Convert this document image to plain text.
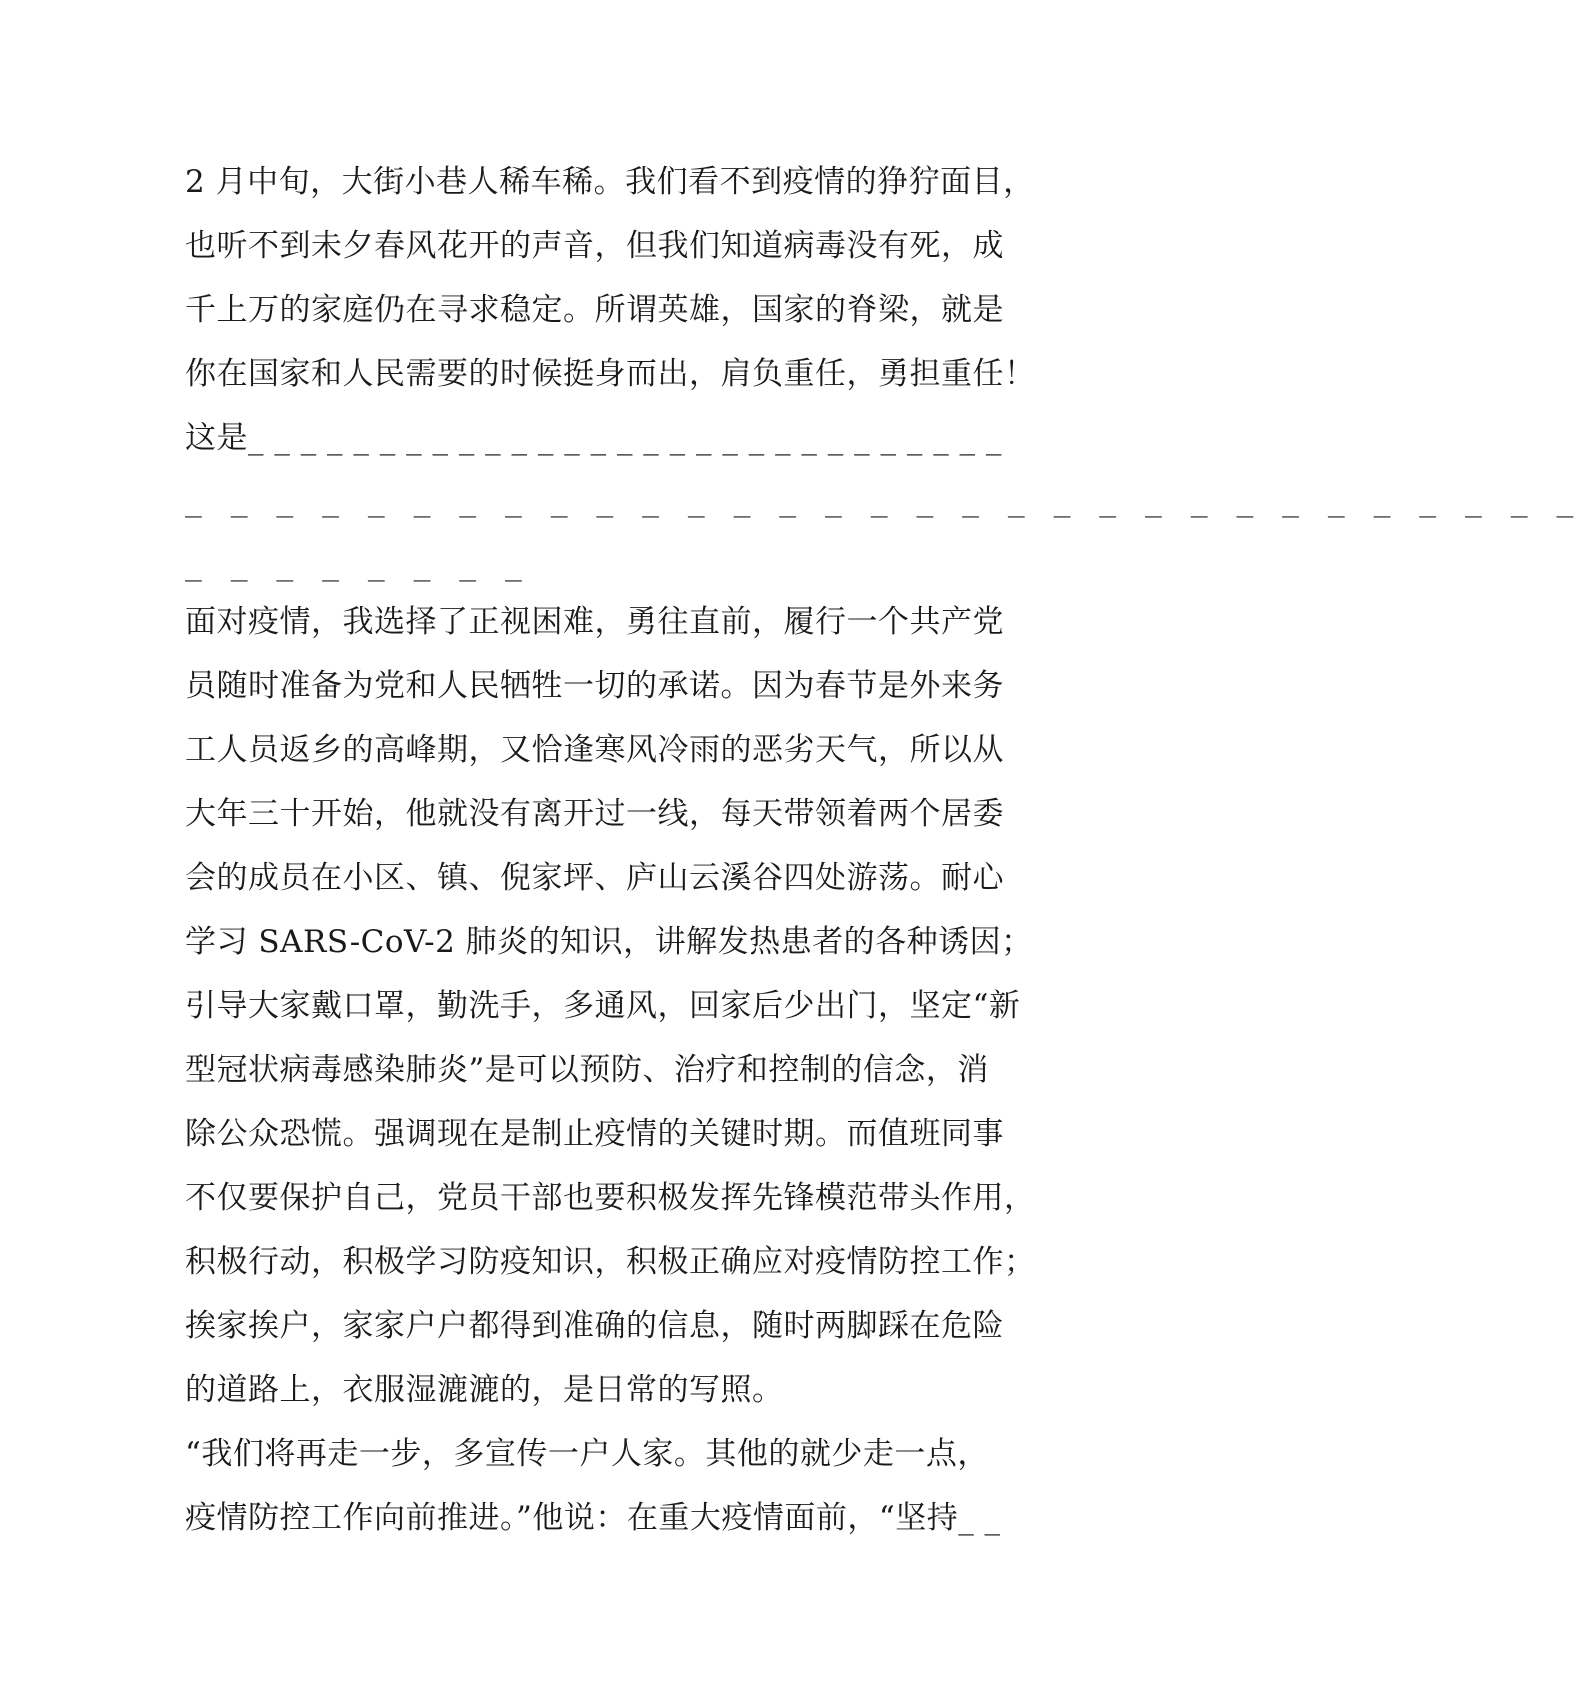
2 月中旬，大街小巷人稀车稀。我们看不到疫情的狰狞面目，
也听不到未夕春风花开的声音，但我们知道病毒没有死，成
千上万的家庭仍在寻求稳定。所谓英雄，国家的脊梁，就是
你在国家和人民需要的时候挺身而出，肩负重任，勇担重任！
这是_ _ _ _ _ _ _ _ _ _ _ _ _ _ _ _ _ _ _ _ _ _ _ _ _ _ _ _ _
_ _ _ _ _ _ _ _ _ _ _ _ _ _ _ _ _ _ _ _ _ _ _ _ _ _ _ _ _ _ _
_ _ _ _ _ _ _ _
面对疫情，我选择了正视困难，勇往直前，履行一个共产党
员随时准备为党和人民牺牲一切的承诺。因为春节是外来务
工人员返乡的高峰期，又恰逢寒风冷雨的恶劣天气，所以从
大年三十开始，他就没有离开过一线，每天带领着两个居委
会的成员在小区、镇、倪家坪、庐山云溪谷四处游荡。耐心
学习 SARS-CoV-2 肺炎的知识，讲解发热患者的各种诱因；
引导大家戴口罩，勤洗手，多通风，回家后少出门，坚定“新
型冠状病毒感染肺炎”是可以预防、治疗和控制的信念，消
除公众恐慌。强调现在是制止疫情的关键时期。而值班同事
不仅要保护自己，党员干部也要积极发挥先锋模范带头作用，
积极行动，积极学习防疫知识，积极正确应对疫情防控工作；
挨家挨户，家家户户都得到准确的信息，随时两脚踩在危险
的道路上，衣服湿漉漉的，是日常的写照。
“我们将再走一步，多宣传一户人家。其他的就少走一点，
疫情防控工作向前推进。”他说：在重大疫情面前，“坚持_ _
